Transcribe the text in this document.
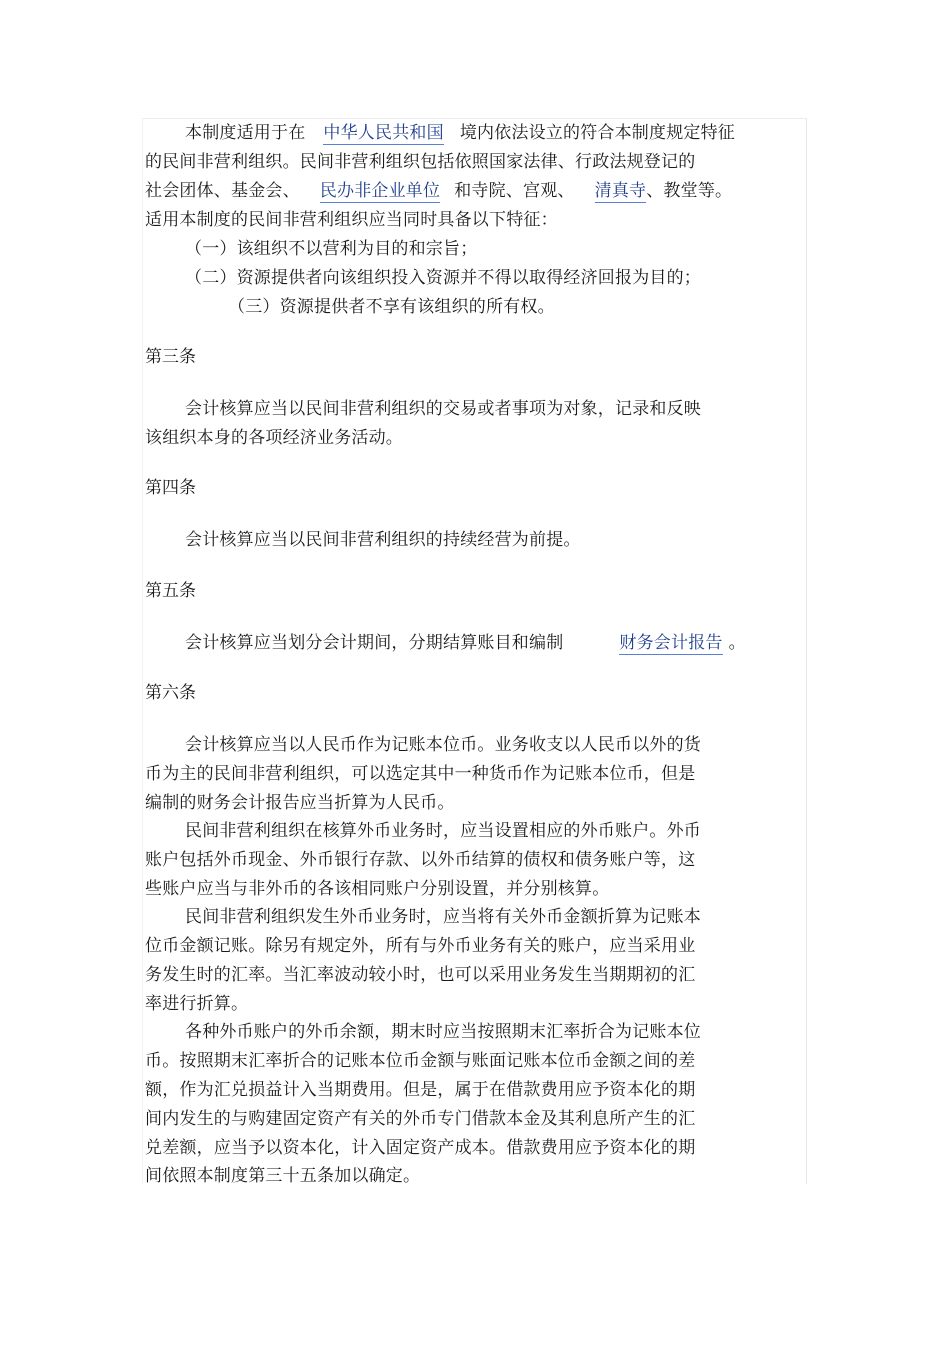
本制度适用于在 中华人民共和国 境内依法设立的符合本制度规定特征
的民间非营利组织。民间非营利组织包括依照国家法律、行政法规登记的
社会团体、基金会、 民办非企业单位 和寺院、宫观、 清真寺、教堂等。
适用本制度的民间非营利组织应当同时具备以下特征：
（一）该组织不以营利为目的和宗旨；
（二）资源提供者向该组织投入资源并不得以取得经济回报为目的；
（三）资源提供者不享有该组织的所有权。
第三条
会计核算应当以民间非营利组织的交易或者事项为对象，记录和反映
该组织本身的各项经济业务活动。
第四条
会计核算应当以民间非营利组织的持续经营为前提。
第五条
会计核算应当划分会计期间，分期结算账目和编制	财务会计报告 。
第六条
会计核算应当以人民币作为记账本位币。业务收支以人民币以外的货
币为主的民间非营利组织，可以选定其中一种货币作为记账本位币，但是
编制的财务会计报告应当折算为人民币。
民间非营利组织在核算外币业务时，应当设置相应的外币账户。外币
账户包括外币现金、外币银行存款、以外币结算的债权和债务账户等，这
些账户应当与非外币的各该相同账户分别设置，并分别核算。
民间非营利组织发生外币业务时，应当将有关外币金额折算为记账本
位币金额记账。除另有规定外，所有与外币业务有关的账户，应当采用业
务发生时的汇率。当汇率波动较小时，也可以采用业务发生当期期初的汇
率进行折算。
各种外币账户的外币余额，期末时应当按照期末汇率折合为记账本位
币。按照期末汇率折合的记账本位币金额与账面记账本位币金额之间的差
额，作为汇兑损益计入当期费用。但是，属于在借款费用应予资本化的期
间内发生的与购建固定资产有关的外币专门借款本金及其利息所产生的汇
兑差额，应当予以资本化，计入固定资产成本。借款费用应予资本化的期
间依照本制度第三十五条加以确定。
